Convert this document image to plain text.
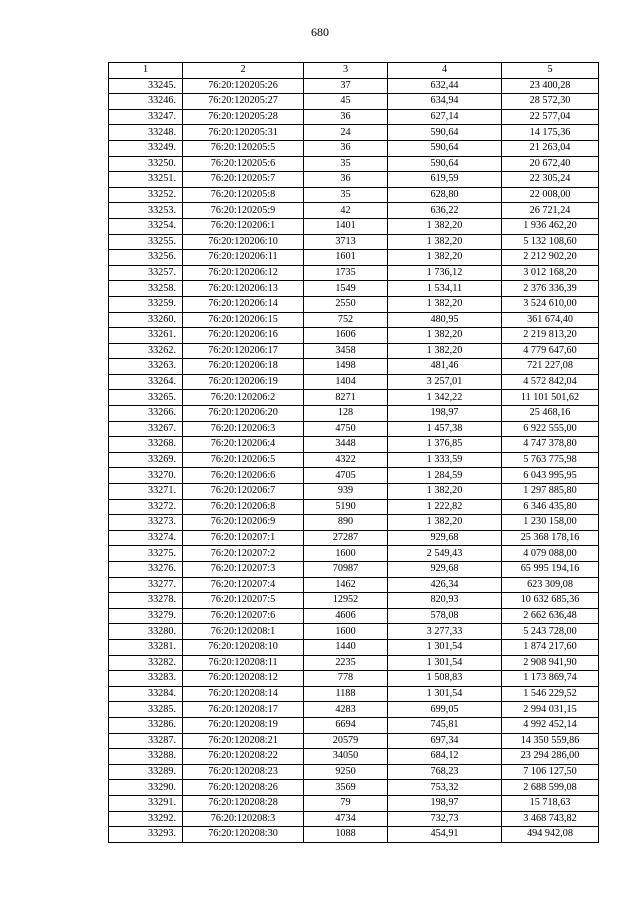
680
1	2	3	4	5
33245.	76:20:120205:26	37	632,44	23 400,28
33246.	76:20:120205:27	45	634,94	28 572,30
33247.	76:20:120205:28	36	627,14	22 577,04
33248.	76:20:120205:31	24	590,64	14 175,36
33249.	76:20:120205:5	36	590,64	21 263,04
33250.	76:20:120205:6	35	590,64	20 672,40
33251.	76:20:120205:7	36	619,59	22 305,24
33252.	76:20:120205:8	35	628,80	22 008,00
33253.	76:20:120205:9	42	636,22	26 721,24
33254.	76:20:120206:1	1401	1 382,20	1 936 462,20
33255.	76:20:120206:10	3713	1 382,20	5 132 108,60
33256.	76:20:120206:11	1601	1 382,20	2 212 902,20
33257.	76:20:120206:12	1735	1 736,12	3 012 168,20
33258.	76:20:120206:13	1549	1 534,11	2 376 336,39
33259.	76:20:120206:14	2550	1 382,20	3 524 610,00
33260.	76:20:120206:15	752	480,95	361 674,40
33261.	76:20:120206:16	1606	1 382,20	2 219 813,20
33262.	76:20:120206:17	3458	1 382,20	4 779 647,60
33263.	76:20:120206:18	1498	481,46	721 227,08
33264.	76:20:120206:19	1404	3 257,01	4 572 842,04
33265.	76:20:120206:2	8271	1 342,22	11 101 501,62
33266.	76:20:120206:20	128	198,97	25 468,16
33267.	76:20:120206:3	4750	1 457,38	6 922 555,00
33268.	76:20:120206:4	3448	1 376,85	4 747 378,80
33269.	76:20:120206:5	4322	1 333,59	5 763 775,98
33270.	76:20:120206:6	4705	1 284,59	6 043 995,95
33271.	76:20:120206:7	939	1 382,20	1 297 885,80
33272.	76:20:120206:8	5190	1 222,82	6 346 435,80
33273.	76:20:120206:9	890	1 382,20	1 230 158,00
33274.	76:20:120207:1	27287	929,68	25 368 178,16
33275.	76:20:120207:2	1600	2 549,43	4 079 088,00
33276.	76:20:120207:3	70987	929,68	65 995 194,16
33277.	76:20:120207:4	1462	426,34	623 309,08
33278.	76:20:120207:5	12952	820,93	10 632 685,36
33279.	76:20:120207:6	4606	578,08	2 662 636,48
33280.	76:20:120208:1	1600	3 277,33	5 243 728,00
33281.	76:20:120208:10	1440	1 301,54	1 874 217,60
33282.	76:20:120208:11	2235	1 301,54	2 908 941,90
33283.	76:20:120208:12	778	1 508,83	1 173 869,74
33284.	76:20:120208:14	1188	1 301,54	1 546 229,52
33285.	76:20:120208:17	4283	699,05	2 994 031,15
33286.	76:20:120208:19	6694	745,81	4 992 452,14
33287.	76:20:120208:21	20579	697,34	14 350 559,86
33288.	76:20:120208:22	34050	684,12	23 294 286,00
33289.	76:20:120208:23	9250	768,23	7 106 127,50
33290.	76:20:120208:26	3569	753,32	2 688 599,08
33291.	76:20:120208:28	79	198,97	15 718,63
33292.	76:20:120208:3	4734	732,73	3 468 743,82
33293.	76:20:120208:30	1088	454,91	494 942,08
